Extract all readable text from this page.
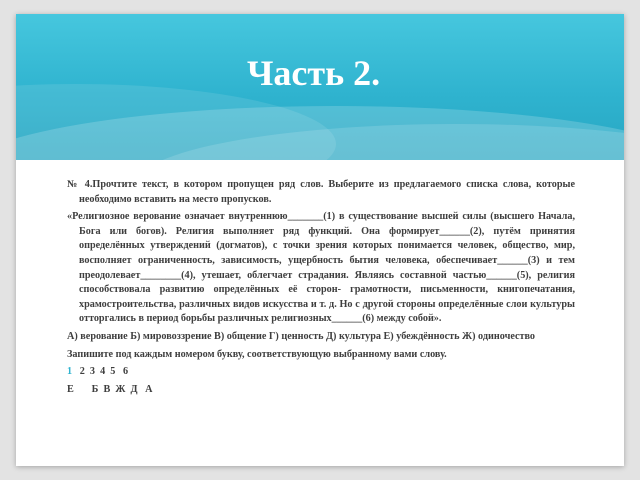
Часть 2.

№ 4.Прочтите текст, в котором пропущен ряд слов. Выберите из предлагаемого списка слова, которые необходимо вставить на место пропусков.

«Религиозное верование означает внутреннюю_______(1) в существование высшей силы (высшего Начала, Бога или богов). Религия выполняет ряд функций. Она формирует______(2), путём принятия определённых утверждений (догматов), с точки зрения которых понимается человек, общество, мир, восполняет ограниченность, зависимость, ущербность бытия человека, обеспечивает______(3) и тем преодолевает________(4), утешает, облегчает страдания. Являясь составной частью______(5), религия способствовала развитию определённых её сторон- грамотности, письменности, книгопечатания, храмостроительства, различных видов искусства и т. д. Но с другой стороны определённые слои культуры отторгались в период борьбы различных религиозных______(6) между собой».

А) верование Б) мировоззрение В) общение Г) ценность Д) культура Е) убеждённость Ж) одиночество

Запишите под каждым номером букву, соответствующую выбранному вами слову.

1 2  3  4  5   6
Е       Б  В  Ж  Д   А
